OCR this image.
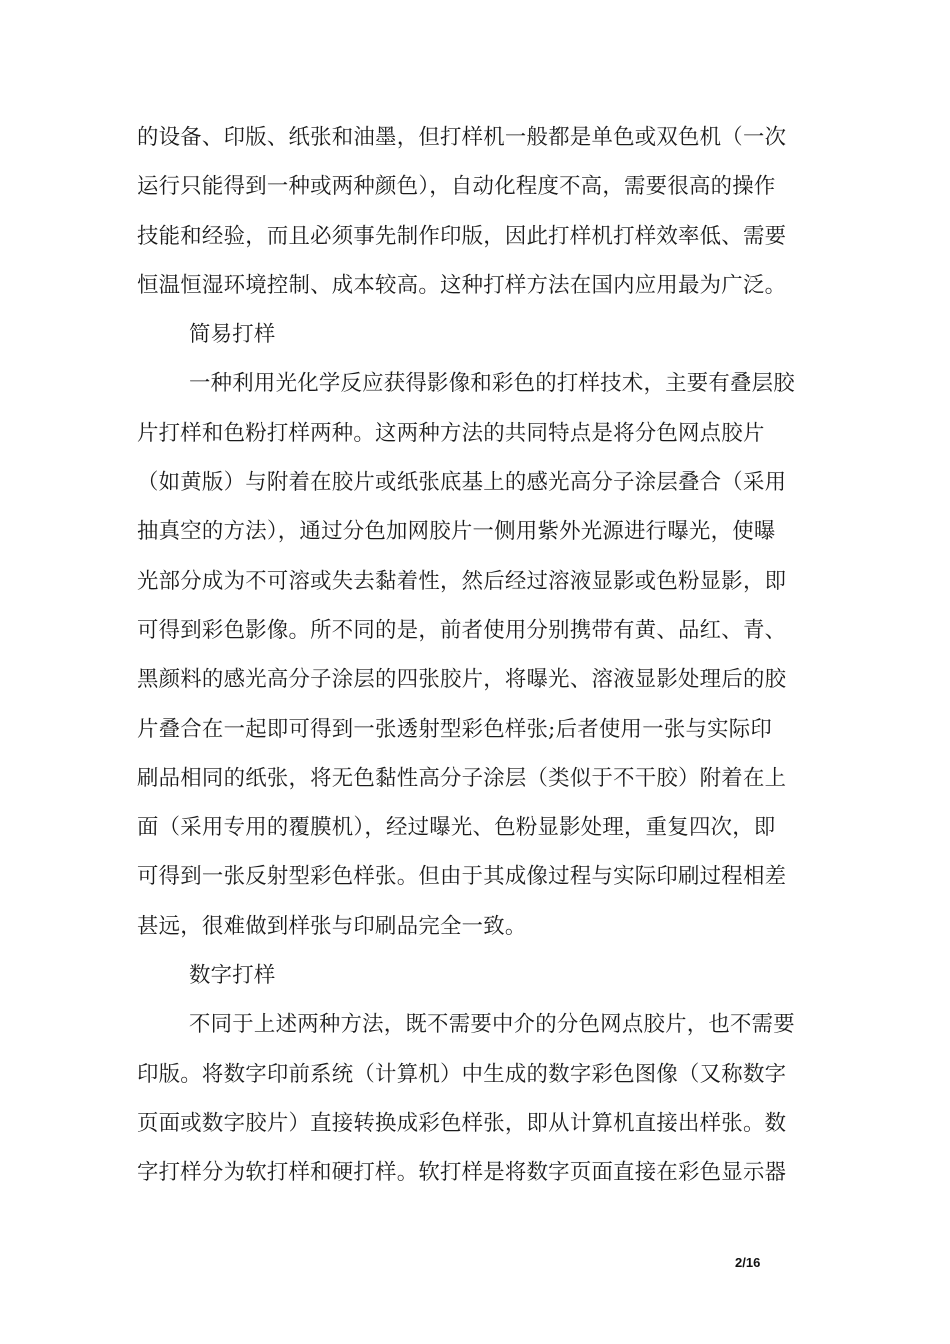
的设备、印版、纸张和油墨，但打样机一般都是单色或双色机（一次
运行只能得到一种或两种颜色），自动化程度不高，需要很高的操作
技能和经验，而且必须事先制作印版，因此打样机打样效率低、需要
恒温恒湿环境控制、成本较高。这种打样方法在国内应用最为广泛。
简易打样
一种利用光化学反应获得影像和彩色的打样技术，主要有叠层胶
片打样和色粉打样两种。这两种方法的共同特点是将分色网点胶片
（如黄版）与附着在胶片或纸张底基上的感光高分子涂层叠合（采用
抽真空的方法），通过分色加网胶片一侧用紫外光源进行曝光，使曝
光部分成为不可溶或失去黏着性，然后经过溶液显影或色粉显影，即
可得到彩色影像。所不同的是，前者使用分别携带有黄、品红、青、
黑颜料的感光高分子涂层的四张胶片，将曝光、溶液显影处理后的胶
片叠合在一起即可得到一张透射型彩色样张;后者使用一张与实际印
刷品相同的纸张，将无色黏性高分子涂层（类似于不干胶）附着在上
面（采用专用的覆膜机），经过曝光、色粉显影处理，重复四次，即
可得到一张反射型彩色样张。但由于其成像过程与实际印刷过程相差
甚远，很难做到样张与印刷品完全一致。
数字打样
不同于上述两种方法，既不需要中介的分色网点胶片，也不需要
印版。将数字印前系统（计算机）中生成的数字彩色图像（又称数字
页面或数字胶片）直接转换成彩色样张，即从计算机直接出样张。数
字打样分为软打样和硬打样。软打样是将数字页面直接在彩色显示器
2/16
